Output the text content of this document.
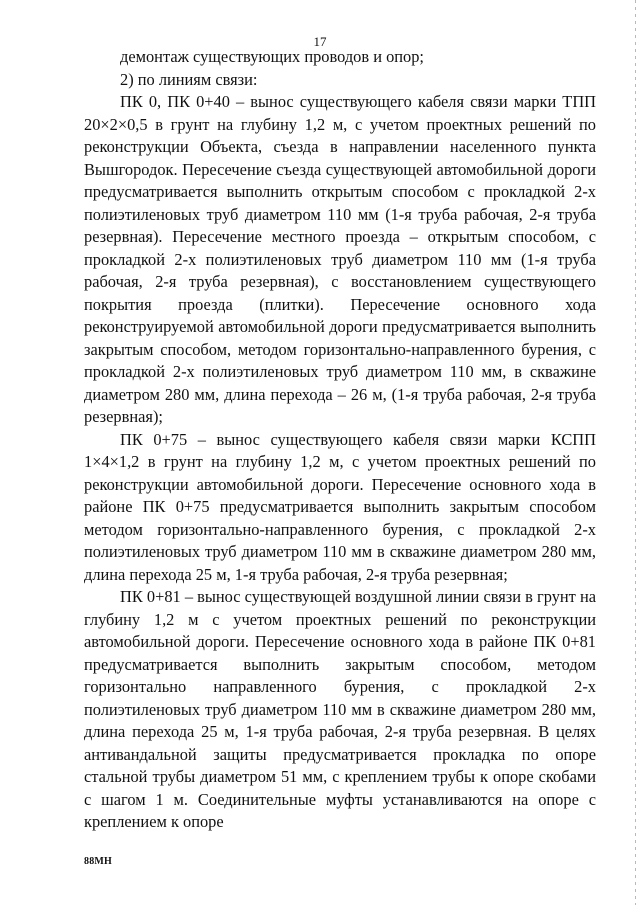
17

демонтаж существующих проводов и опор;

2) по линиям связи:

ПК 0, ПК 0+40 – вынос существующего кабеля связи марки ТПП 20×2×0,5 в грунт на глубину 1,2 м, с учетом проектных решений по реконструкции Объекта, съезда в направлении населенного пункта Вышгородок. Пересечение съезда существующей автомобильной дороги предусматривается выполнить открытым способом с прокладкой 2-х полиэтиленовых труб диаметром 110 мм (1-я труба рабочая, 2-я труба резервная). Пересечение местного проезда – открытым способом, с прокладкой 2-х полиэтиленовых труб диаметром 110 мм (1-я труба рабочая, 2-я труба резервная), с восстановлением существующего покрытия проезда (плитки). Пересечение основного хода реконструируемой автомобильной дороги предусматривается выполнить закрытым способом, методом горизонтально-направленного бурения, с прокладкой 2-х полиэтиленовых труб диаметром 110 мм, в скважине диаметром 280 мм, длина перехода – 26 м, (1-я труба рабочая, 2-я труба резервная);

ПК 0+75 – вынос существующего кабеля связи марки КСПП 1×4×1,2 в грунт на глубину 1,2 м, с учетом проектных решений по реконструкции автомобильной дороги. Пересечение основного хода в районе ПК 0+75 предусматривается выполнить закрытым способом методом горизонтально-направленного бурения, с прокладкой 2-х полиэтиленовых труб диаметром 110 мм в скважине диаметром 280 мм, длина перехода 25 м, 1-я труба рабочая, 2-я труба резервная;

ПК 0+81 – вынос существующей воздушной линии связи в грунт на глубину 1,2 м с учетом проектных решений по реконструкции автомобильной дороги. Пересечение основного хода в районе ПК 0+81 предусматривается выполнить закрытым способом, методом горизонтально направленного бурения, с прокладкой 2-х полиэтиленовых труб диаметром 110 мм в скважине диаметром 280 мм, длина перехода 25 м, 1-я труба рабочая, 2-я труба резервная. В целях антивандальной защиты предусматривается прокладка по опоре стальной трубы диаметром 51 мм, с креплением трубы к опоре скобами с шагом 1 м. Соединительные муфты устанавливаются на опоре с креплением к опоре

88МН
